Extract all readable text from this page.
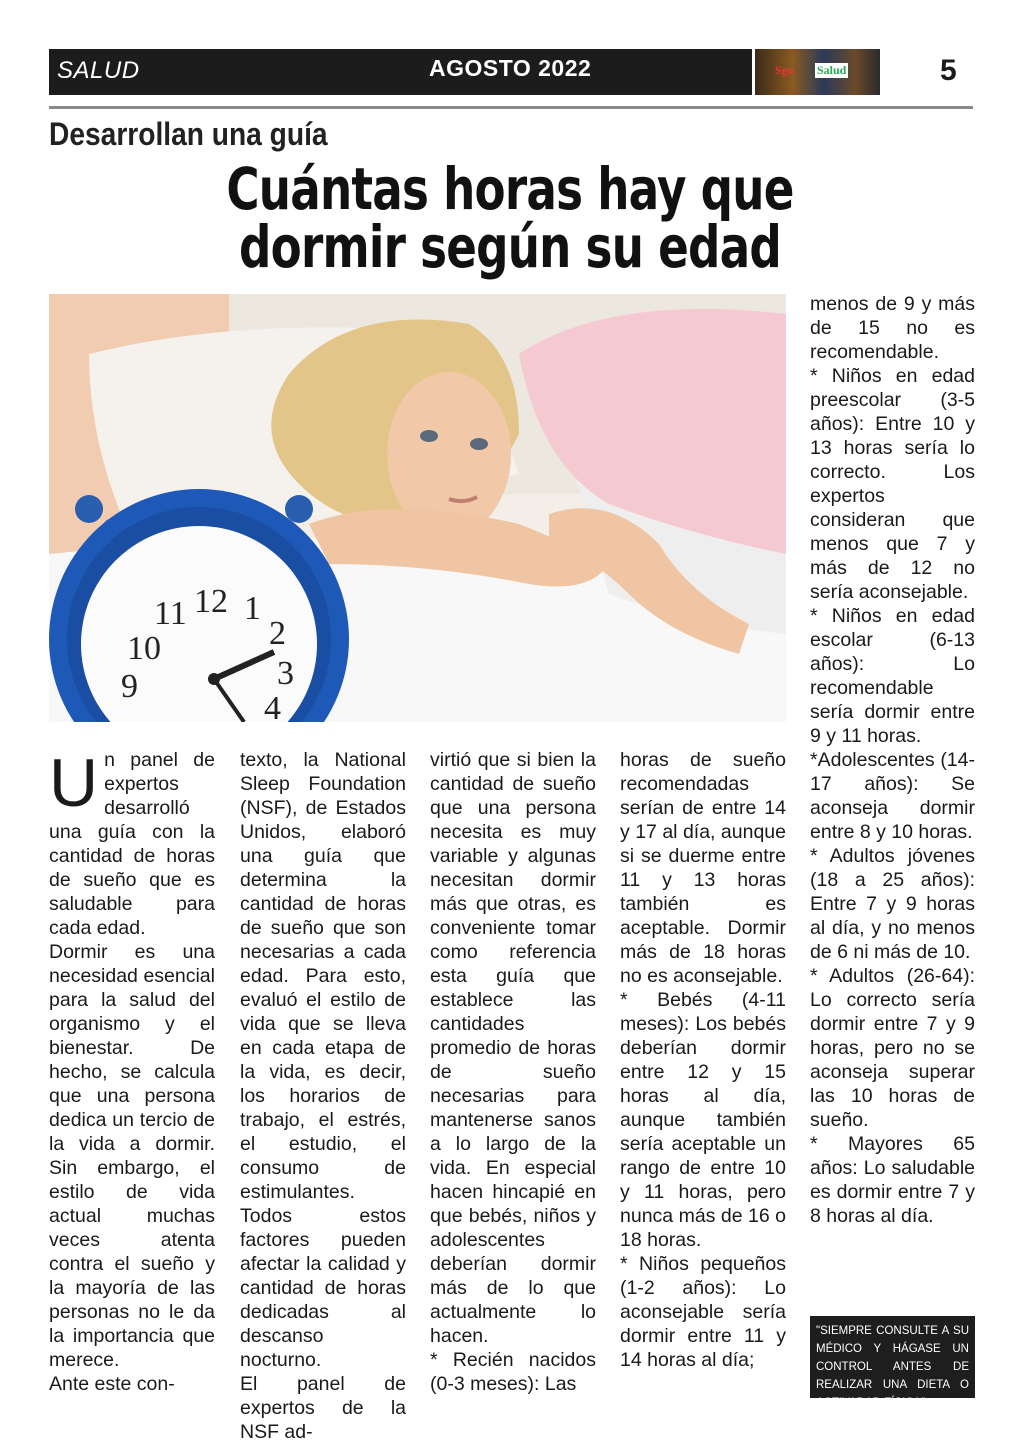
SALUD	AGOSTO 2022	Sgo Salud	5
Desarrollan una guía
Cuántas horas hay que
dormir según su edad
12 1
11
2
10
3
9
4

Un panel de expertos desarrolló una guía con la cantidad de horas de sueño que es saludable para cada edad.

Dormir es una necesidad esencial para la salud del organismo y el bienestar. De hecho, se calcula que una persona dedica un tercio de la vida a dormir. Sin embargo, el estilo de vida actual muchas veces atenta contra el sueño y la mayoría de las personas no le da la importancia que merece.

Ante este con-

texto, la National Sleep Foundation (NSF), de Estados Unidos, elaboró una guía que determina la cantidad de horas de sueño que son necesarias a cada edad. Para esto, evaluó el estilo de vida que se lleva en cada etapa de la vida, es decir, los horarios de trabajo, el estrés, el estudio, el consumo de estimulantes. Todos estos factores pueden afectar la calidad y cantidad de horas dedicadas al descanso nocturno.

El panel de expertos de la NSF ad-

virtió que si bien la cantidad de sueño que una persona necesita es muy variable y algunas necesitan dormir más que otras, es conveniente tomar como referencia esta guía que establece las cantidades promedio de horas de sueño necesarias para mantenerse sanos a lo largo de la vida. En especial hacen hincapié en que bebés, niños y adolescentes deberían dormir más de lo que actualmente lo hacen.

* Recién nacidos (0-3 meses): Las

horas de sueño recomendadas serían de entre 14 y 17 al día, aunque si se duerme entre 11 y 13 horas también es aceptable. Dormir más de 18 horas no es aconsejable.

* Bebés (4-11 meses): Los bebés deberían dormir entre 12 y 15 horas al día, aunque también sería aceptable un rango de entre 10 y 11 horas, pero nunca más de 16 o 18 horas.

* Niños pequeños (1-2 años): Lo aconsejable sería dormir entre 11 y 14 horas al día;

menos de 9 y más de 15 no es recomendable.

* Niños en edad preescolar (3-5 años): Entre 10 y 13 horas sería lo correcto. Los expertos consideran que menos que 7 y más de 12 no sería aconsejable.

* Niños en edad escolar (6-13 años): Lo recomendable sería dormir entre 9 y 11 horas.

*Adolescentes (14-17 años): Se aconseja dormir entre 8 y 10 horas.

* Adultos jóvenes (18 a 25 años): Entre 7 y 9 horas al día, y no menos de 6 ni más de 10.

* Adultos (26-64): Lo correcto sería dormir entre 7 y 9 horas, pero no se aconseja superar las 10 horas de sueño.

* Mayores 65 años: Lo saludable es dormir entre 7 y 8 horas al día.

"SIEMPRE CONSULTE A SU MÉDICO Y HÁGASE UN CONTROL ANTES DE REALIZAR UNA DIETA O ACTIVADAD FÍSICA"
